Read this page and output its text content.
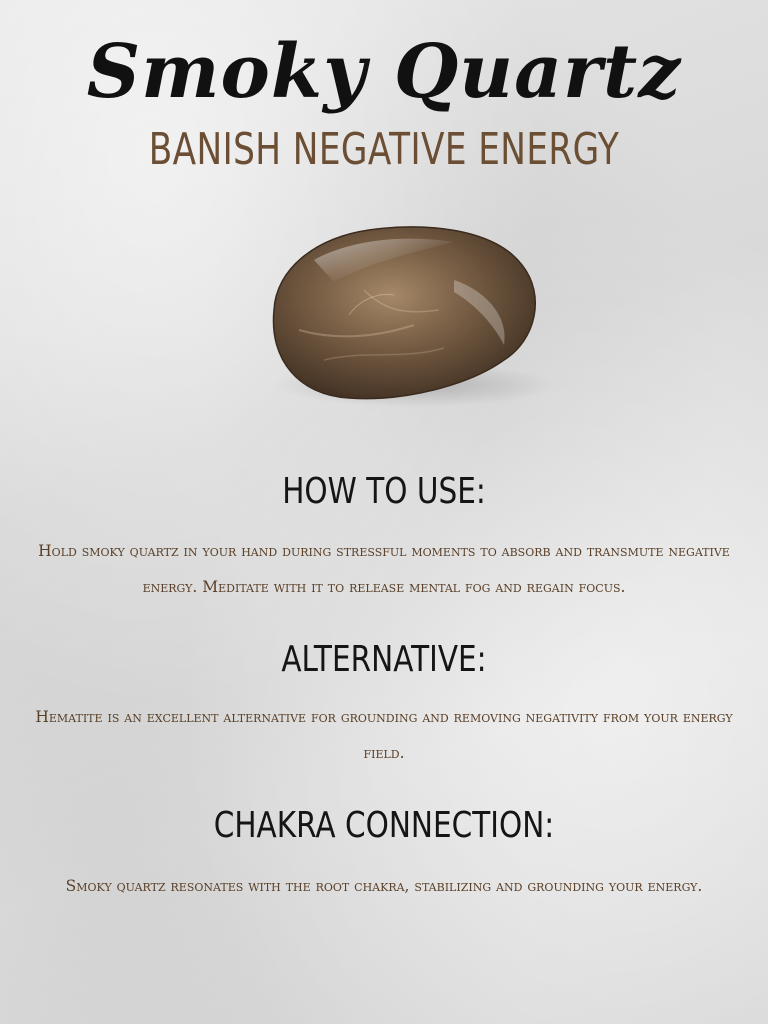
Smoky Quartz
BANISH NEGATIVE ENERGY
HOW TO USE:
Hold smoky quartz in your hand during stressful moments to absorb and transmute negative energy. Meditate with it to release mental fog and regain focus.
ALTERNATIVE:
Hematite is an excellent alternative for grounding and removing negativity from your energy field.
CHAKRA CONNECTION:
Smoky quartz resonates with the root chakra, stabilizing and grounding your energy.
